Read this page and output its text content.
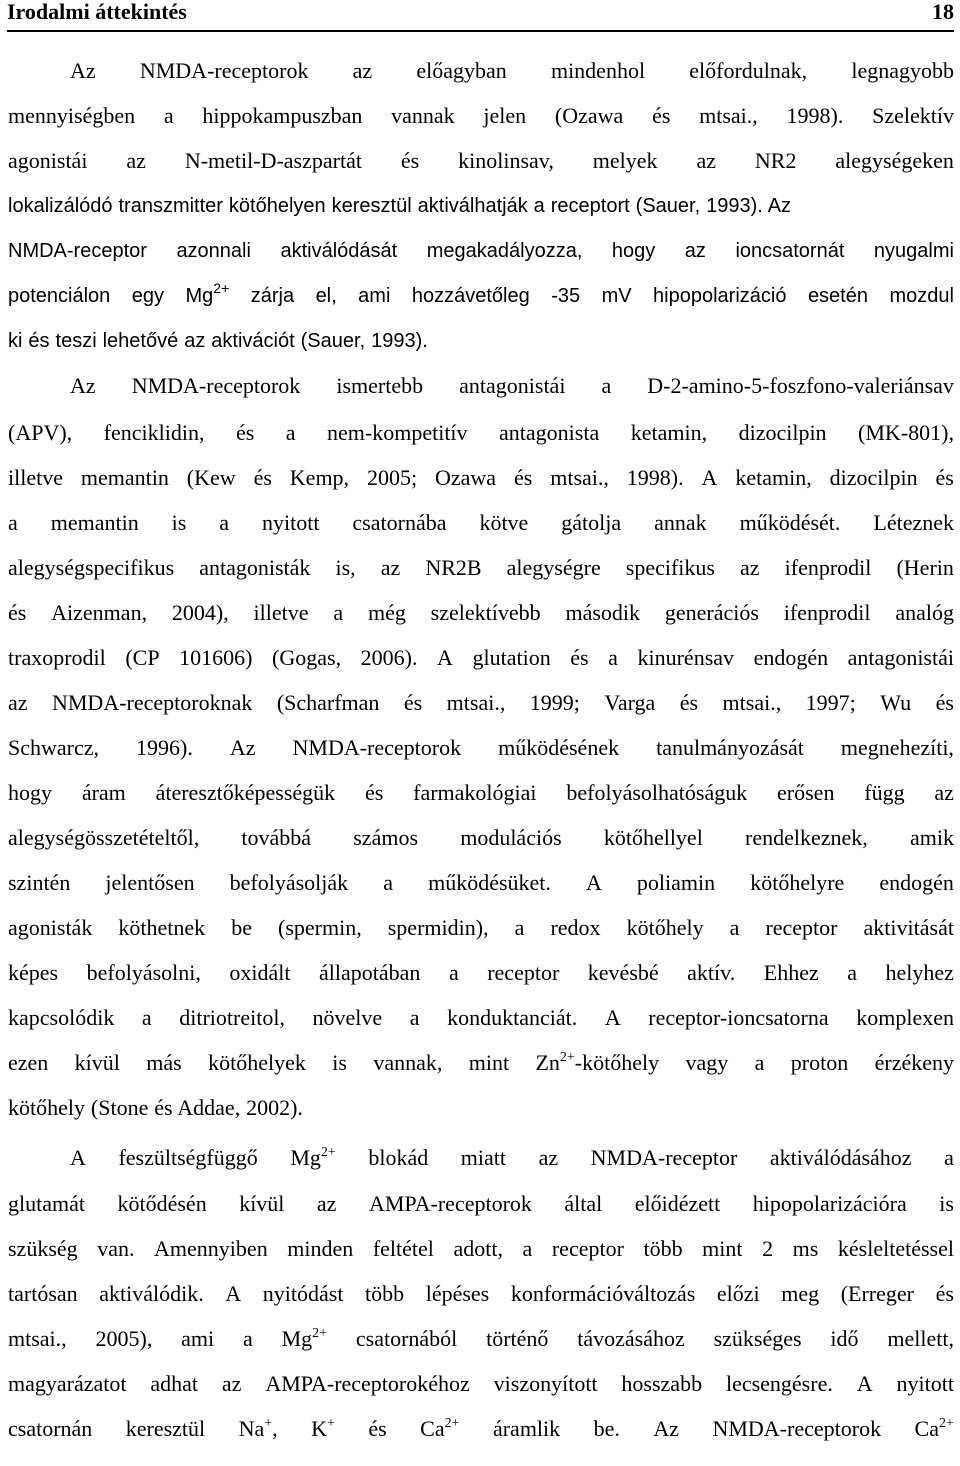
Irodalmi áttekintés	18
Az NMDA-receptorok az előagyban mindenhol előfordulnak, legnagyobb
mennyiségben a hippokampuszban vannak jelen (Ozawa és mtsai., 1998). Szelektív
agonistái az N-metil-D-aszpartát és kinolinsav, melyek az NR2 alegységeken
lokalizálódó transzmitter kötőhelyen keresztül aktiválhatják a receptort (Sauer, 1993). Az
NMDA-receptor azonnali aktiválódását megakadályozza, hogy az ioncsatornát nyugalmi
potenciálon egy $Mg^{2+}$ zárja el, ami hozzávetőleg -35 mV hipopolarizáció esetén mozdul
ki és teszi lehetővé az aktivációt (Sauer, 1993).
Az NMDA-receptorok ismertebb antagonistái a D-2-amino-5-foszfono-valeriánsav
(APV), fenciklidin, és a nem-kompetitív antagonista ketamin, dizocilpin (MK-801),
illetve memantin (Kew és Kemp, 2005; Ozawa és mtsai., 1998). A ketamin, dizocilpin és
a memantin is a nyitott csatornába kötve gátolja annak működését. Léteznek
alegységspecifikus antagonisták is, az NR2B alegységre specifikus az ifenprodil (Herin
és Aizenman, 2004), illetve a még szelektívebb második generációs ifenprodil analóg
traxoprodil (CP 101606) (Gogas, 2006). A glutation és a kinurénsav endogén antagonistái
az NMDA-receptoroknak (Scharfman és mtsai., 1999; Varga és mtsai., 1997; Wu és
Schwarcz, 1996). Az NMDA-receptorok működésének tanulmányozását megnehezíti,
hogy áram áteresztőképességük és farmakológiai befolyásolhatóságuk erősen függ az
alegységösszetételtől, továbbá számos modulációs kötőhellyel rendelkeznek, amik
szintén jelentősen befolyásolják a működésüket. A poliamin kötőhelyre endogén
agonisták köthetnek be (spermin, spermidin), a redox kötőhely a receptor aktivitását
képes befolyásolni, oxidált állapotában a receptor kevésbé aktív. Ehhez a helyhez
kapcsolódik a ditriotreitol, növelve a konduktanciát. A receptor-ioncsatorna komplexen
ezen kívül más kötőhelyek is vannak, mint $Zn^{2+}$-kötőhely vagy a proton érzékeny
kötőhely (Stone és Addae, 2002).
A feszültségfüggő $Mg^{2+}$ blokád miatt az NMDA-receptor aktiválódásához a
glutamát kötődésén kívül az AMPA-receptorok által előidézett hipopolarizációra is
szükség van. Amennyiben minden feltétel adott, a receptor több mint 2 ms késleltetéssel
tartósan aktiválódik. A nyitódást több lépéses konformációváltozás előzi meg (Erreger és
mtsai., 2005), ami a $Mg^{2+}$ csatornából történő távozásához szükséges idő mellett,
magyarázatot adhat az AMPA-receptorokéhoz viszonyított hosszabb lecsengésre. A nyitott
csatornán keresztül Na+, K+ és $Ca^{2+}$ áramlik be. Az NMDA-receptorok $Ca^{2+}$
